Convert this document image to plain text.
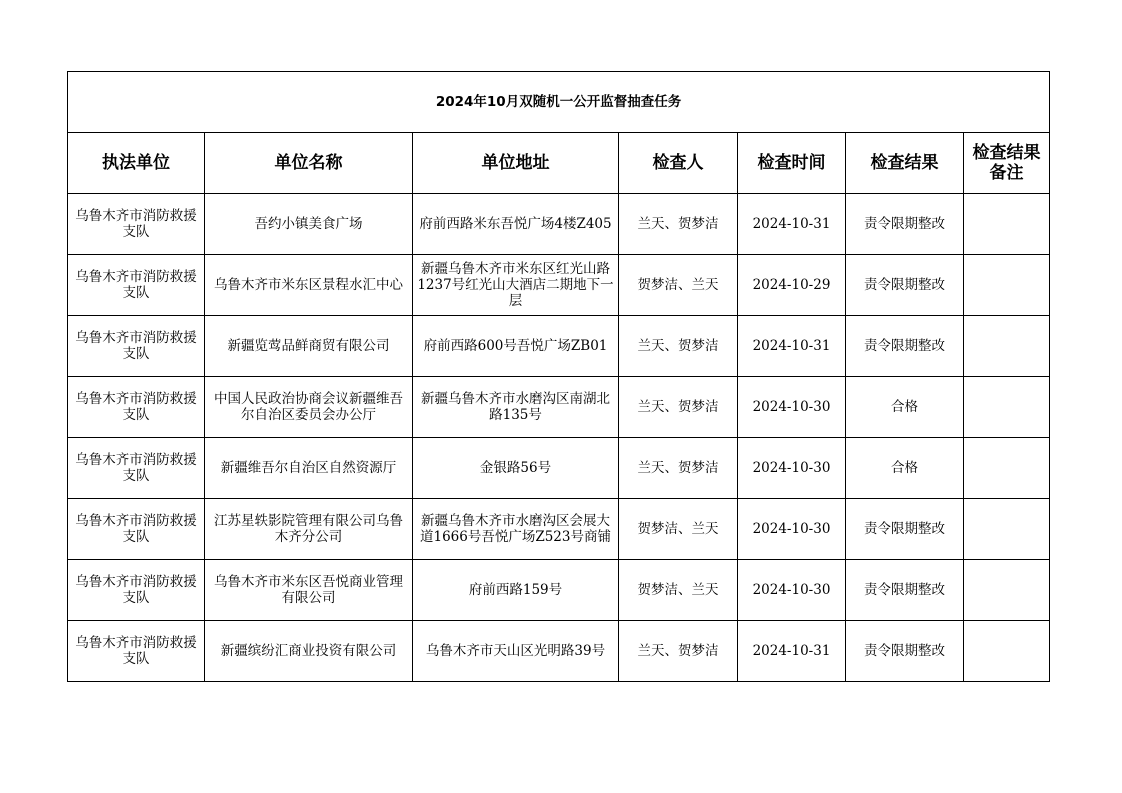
2024年10月双随机一公开监督抽查任务						
执法单位	单位名称	单位地址	检查人	检查时间	检查结果	检查结果备注
乌鲁木齐市消防救援支队	吾约小镇美食广场	府前西路米东吾悦广场4楼Z405	兰天、贺梦洁	2024-10-31	责令限期整改	
乌鲁木齐市消防救援支队	乌鲁木齐市米东区景程水汇中心	新疆乌鲁木齐市米东区红光山路1237号红光山大酒店二期地下一层	贺梦洁、兰天	2024-10-29	责令限期整改	
乌鲁木齐市消防救援支队	新疆览莺品鲜商贸有限公司	府前西路600号吾悦广场ZB01	兰天、贺梦洁	2024-10-31	责令限期整改	
乌鲁木齐市消防救援支队	中国人民政治协商会议新疆维吾尔自治区委员会办公厅	新疆乌鲁木齐市水磨沟区南湖北路135号	兰天、贺梦洁	2024-10-30	合格	
乌鲁木齐市消防救援支队	新疆维吾尔自治区自然资源厅	金银路56号	兰天、贺梦洁	2024-10-30	合格	
乌鲁木齐市消防救援支队	江苏星轶影院管理有限公司乌鲁木齐分公司	新疆乌鲁木齐市水磨沟区会展大道1666号吾悦广场Z523号商铺	贺梦洁、兰天	2024-10-30	责令限期整改	
乌鲁木齐市消防救援支队	乌鲁木齐市米东区吾悦商业管理有限公司	府前西路159号	贺梦洁、兰天	2024-10-30	责令限期整改	
乌鲁木齐市消防救援支队	新疆缤纷汇商业投资有限公司	乌鲁木齐市天山区光明路39号	兰天、贺梦洁	2024-10-31	责令限期整改	
